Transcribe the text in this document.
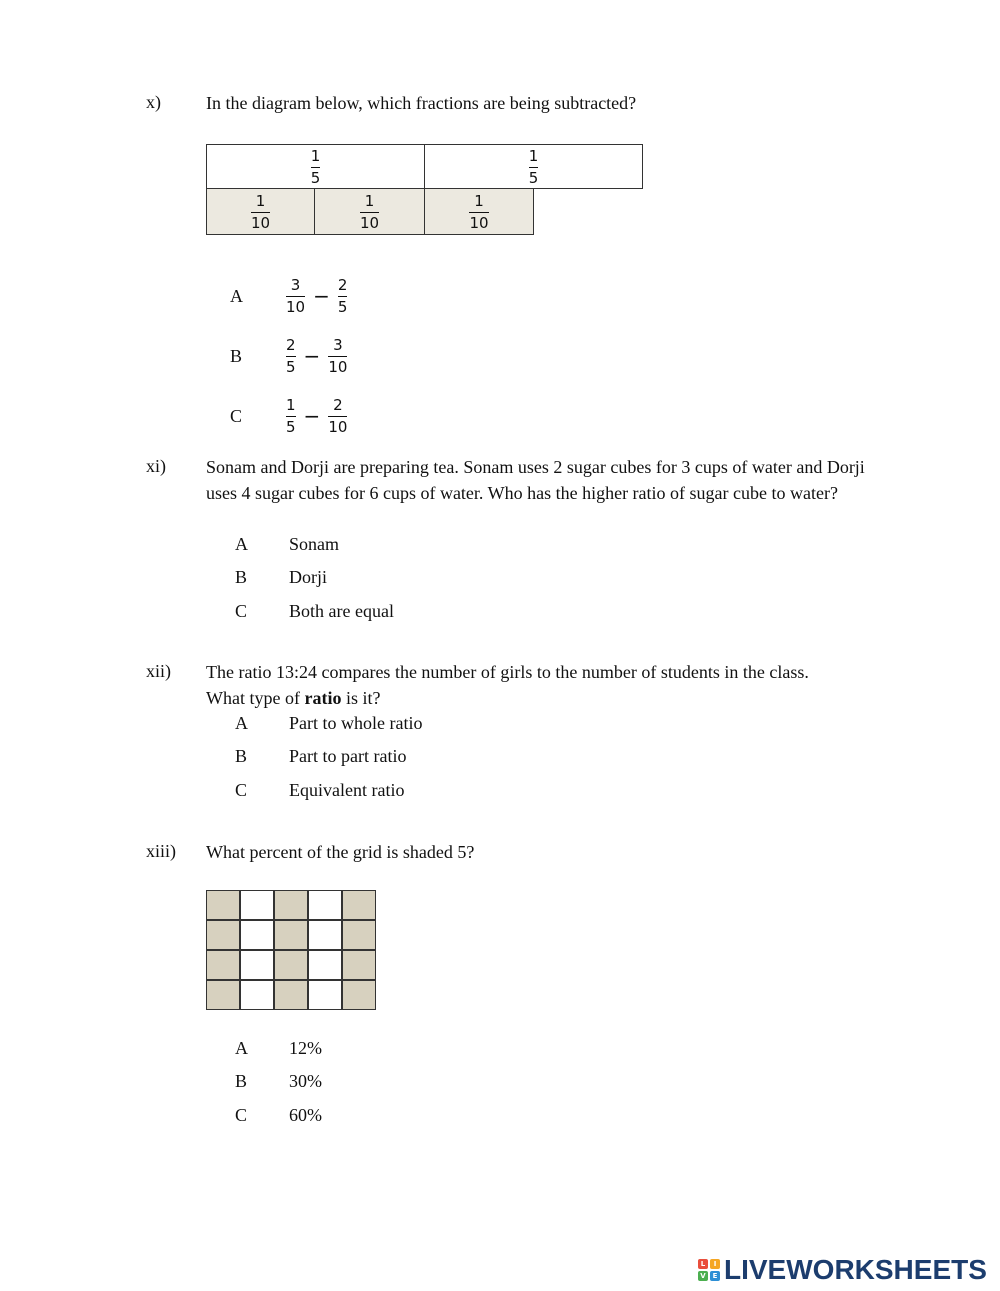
x)	In the diagram below, which fractions are being subtracted?
$\frac{1}{5}$	$\frac{1}{5}$
$\frac{1}{10}$	$\frac{1}{10}$	$\frac{1}{10}$
A	$\frac{3}{10} - \frac{2}{5}$
B	$\frac{2}{5} - \frac{3}{10}$
C	$\frac{1}{5} - \frac{2}{10}$
xi) Sonam and Dorji are preparing tea. Sonam uses 2 sugar cubes for 3 cups of water and Dorji uses 4 sugar cubes for 6 cups of water. Who has the higher ratio of sugar cube to water?
A Sonam
B Dorji
C Both are equal
xii) The ratio 13:24 compares the number of girls to the number of students in the class.
What type of ratio is it?
A Part to whole ratio
B Part to part ratio
C Equivalent ratio
xiii) What percent of the grid is shaded 5?
A 12%
B 30%
C 60%
L	I
V E LIVEWORKSHEETS
